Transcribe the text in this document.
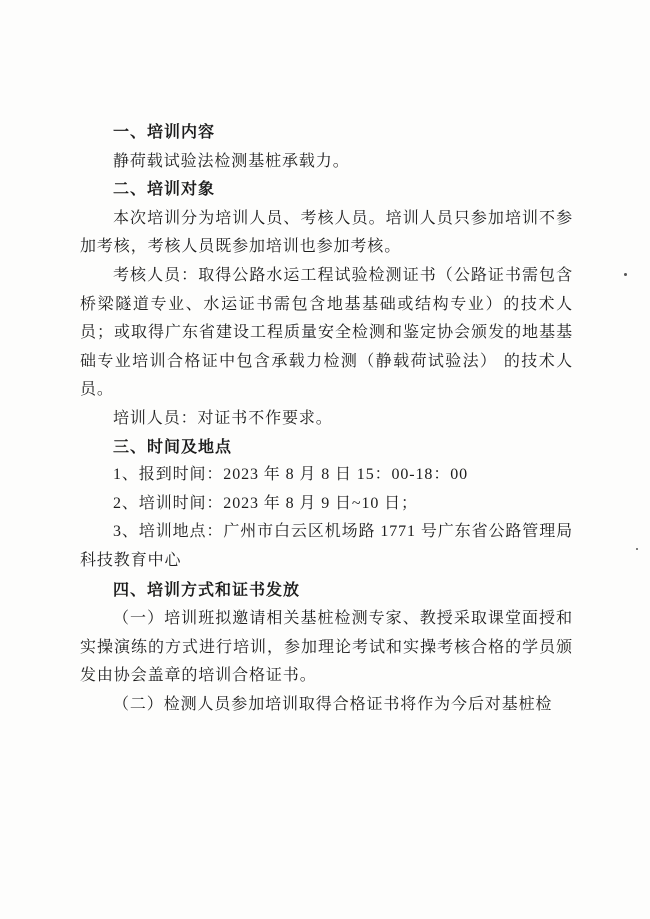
一、培训内容

静荷载试验法检测基桩承载力。

二、培训对象

本次培训分为培训人员、考核人员。培训人员只参加培训不参加考核，考核人员既参加培训也参加考核。

考核人员：取得公路水运工程试验检测证书（公路证书需包含桥梁隧道专业、水运证书需包含地基基础或结构专业）的技术人员；或取得广东省建设工程质量安全检测和鉴定协会颁发的地基基础专业培训合格证中包含承载力检测（静载荷试验法） 的技术人员。

培训人员：对证书不作要求。

三、时间及地点

1、报到时间：2023 年 8 月 8 日 15：00-18：00

2、培训时间：2023 年 8 月 9 日~10 日；

3、培训地点：广州市白云区机场路 1771 号广东省公路管理局科技教育中心

四、培训方式和证书发放

（一）培训班拟邀请相关基桩检测专家、教授采取课堂面授和实操演练的方式进行培训，参加理论考试和实操考核合格的学员颁发由协会盖章的培训合格证书。

（二）检测人员参加培训取得合格证书将作为今后对基桩检
